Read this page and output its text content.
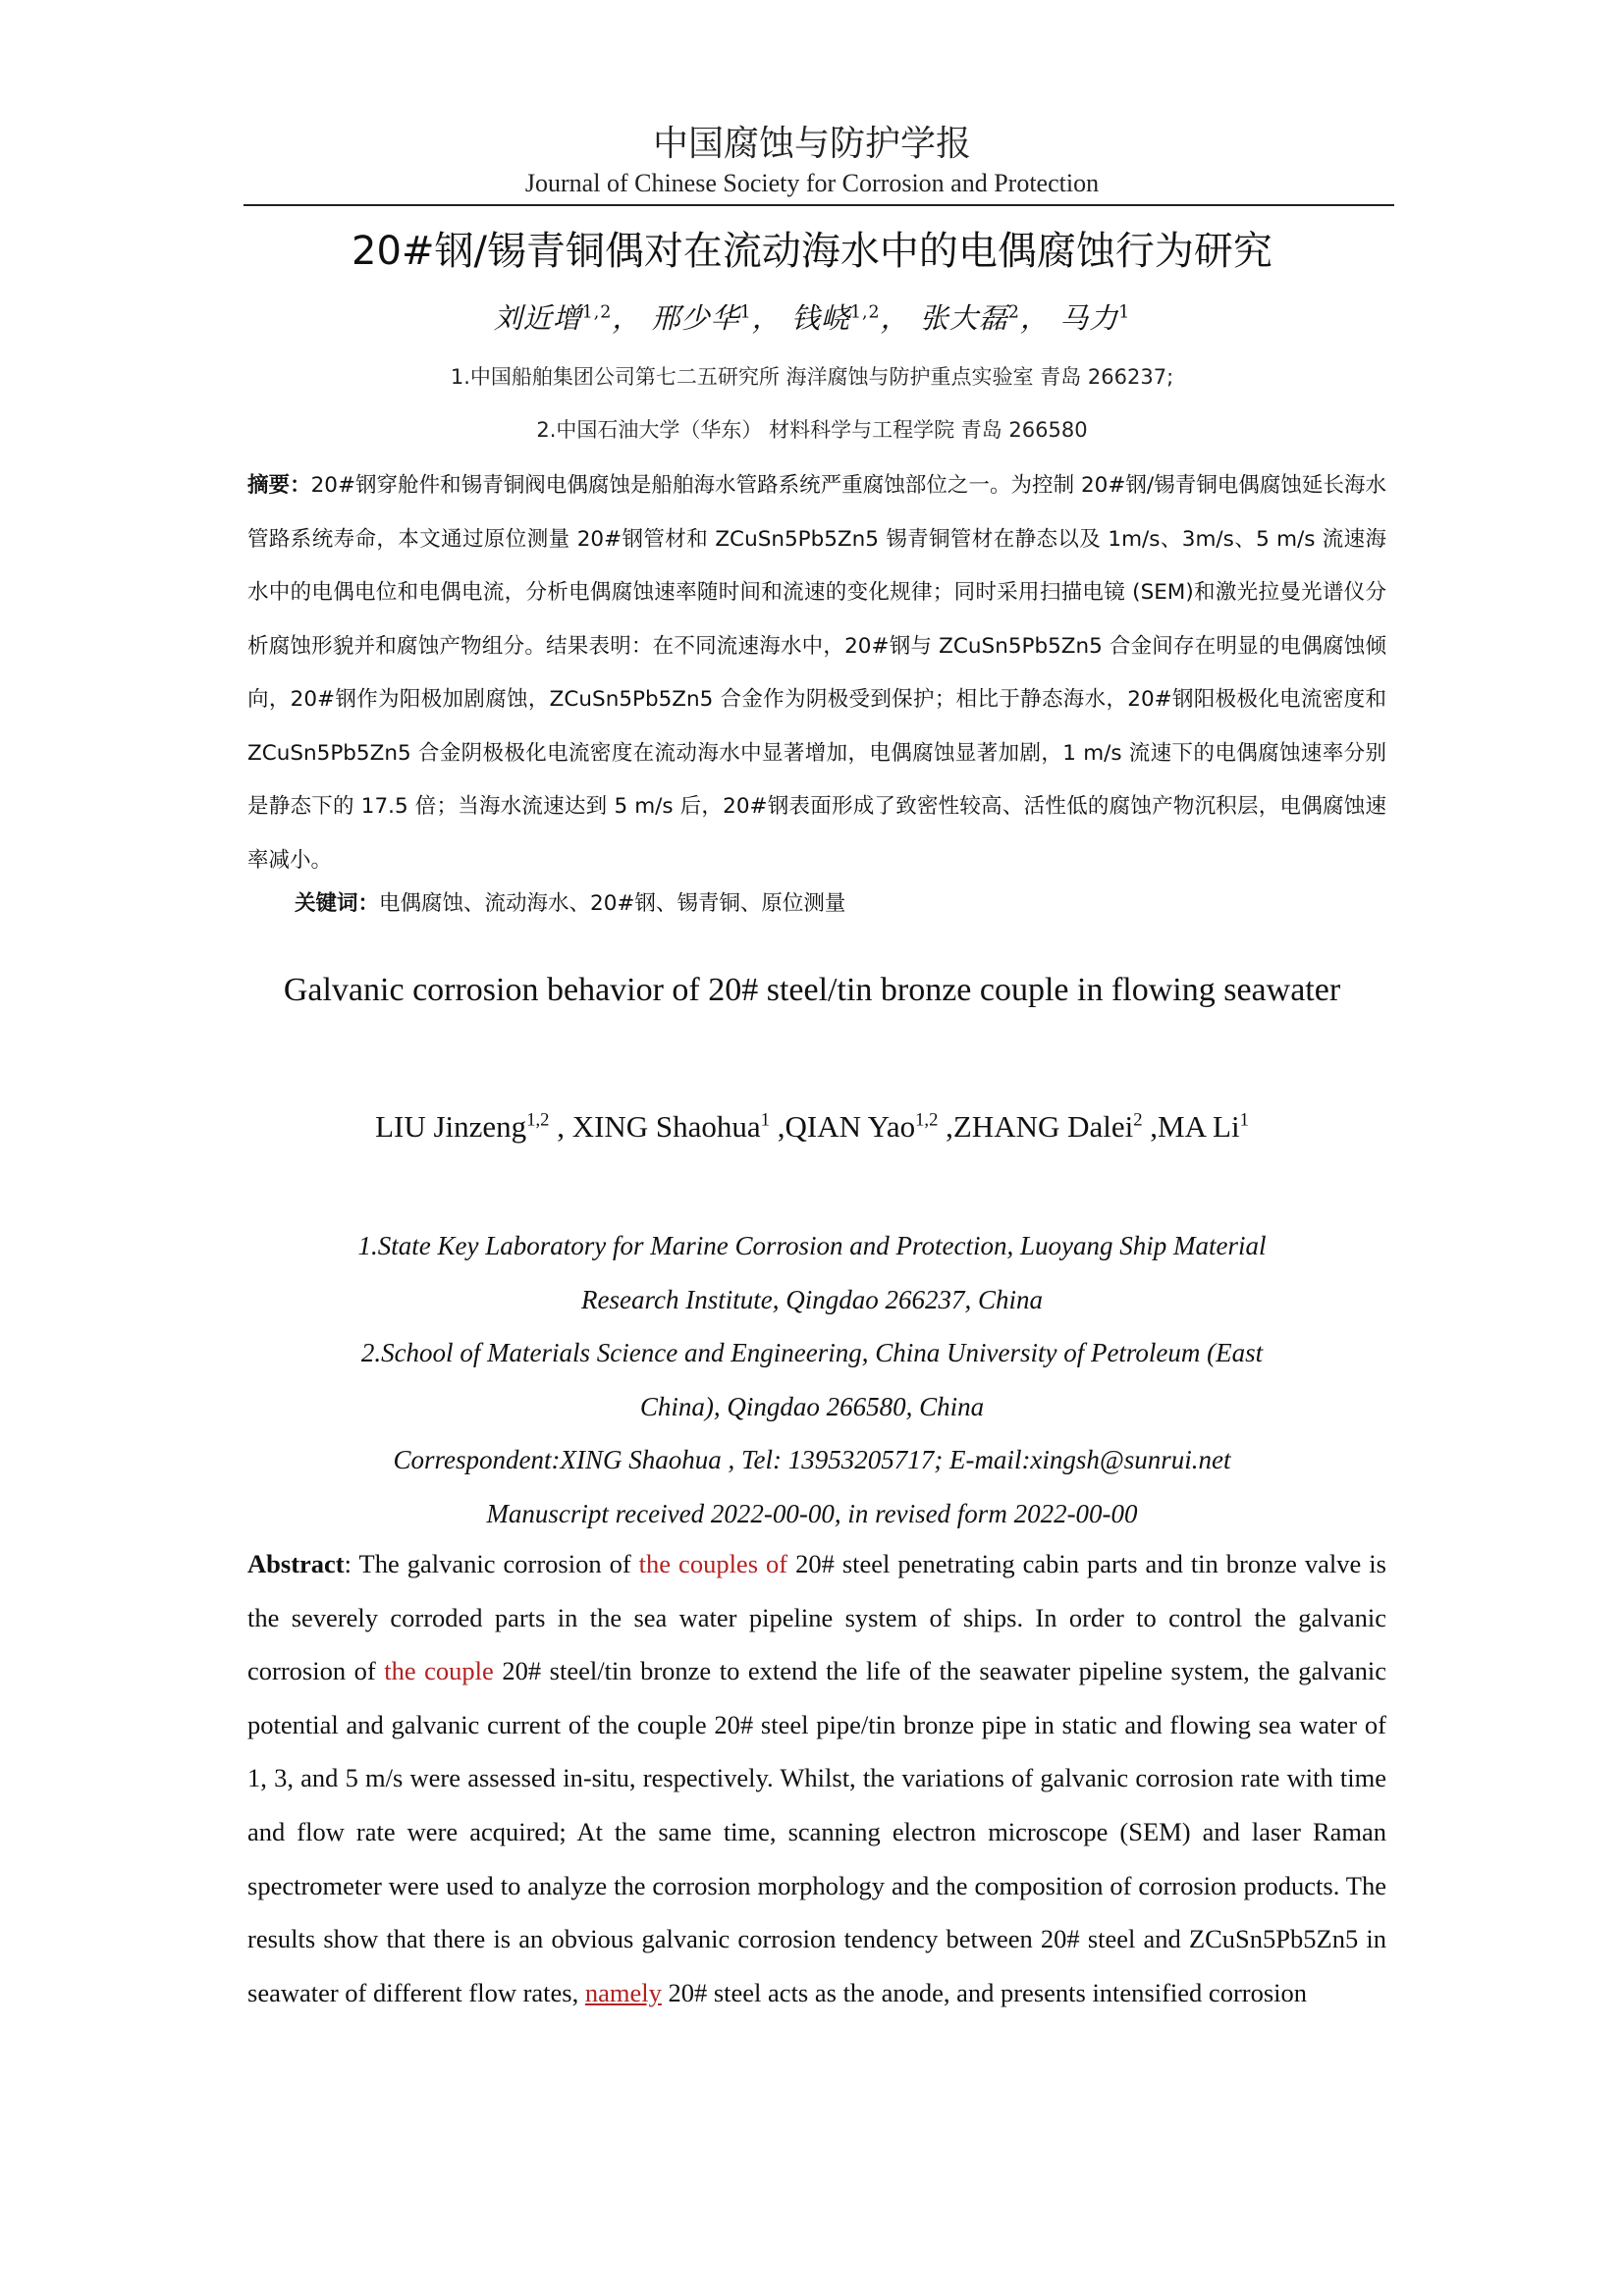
中国腐蚀与防护学报
Journal of Chinese Society for Corrosion and Protection
20#钢/锡青铜偶对在流动海水中的电偶腐蚀行为研究
刘近增$^{1,2}$， 邢少华$^1$， 钱峣$^{1,2}$， 张大磊$^2$， 马力$^1$
1.中国船舶集团公司第七二五研究所 海洋腐蚀与防护重点实验室 青岛 266237;
2.中国石油大学（华东） 材料科学与工程学院 青岛 266580
摘要：20#钢穿舱件和锡青铜阀电偶腐蚀是船舶海水管路系统严重腐蚀部位之一。为控制 20#钢/锡青铜电偶腐蚀延长海水管路系统寿命，本文通过原位测量 20#钢管材和 ZCuSn5Pb5Zn5 锡青铜管材在静态以及 1m/s、3m/s、5 m/s 流速海水中的电偶电位和电偶电流，分析电偶腐蚀速率随时间和流速的变化规律；同时采用扫描电镜 (SEM)和激光拉曼光谱仪分析腐蚀形貌并和腐蚀产物组分。结果表明：在不同流速海水中，20#钢与 ZCuSn5Pb5Zn5 合金间存在明显的电偶腐蚀倾向，20#钢作为阳极加剧腐蚀，ZCuSn5Pb5Zn5 合金作为阴极受到保护；相比于静态海水，20#钢阳极极化电流密度和 ZCuSn5Pb5Zn5 合金阴极极化电流密度在流动海水中显著增加，电偶腐蚀显著加剧，1 m/s 流速下的电偶腐蚀速率分别是静态下的 17.5 倍；当海水流速达到 5 m/s 后，20#钢表面形成了致密性较高、活性低的腐蚀产物沉积层，电偶腐蚀速率减小。
关键词：电偶腐蚀、流动海水、20#钢、锡青铜、原位测量
Galvanic corrosion behavior of 20# steel/tin bronze couple in flowing seawater
LIU Jinzeng$^{1,2}$ , XING Shaohua$^1$ ,QIAN Yao$^{1,2}$ ,ZHANG Dalei$^2$ ,MA Li$^1$
1.State Key Laboratory for Marine Corrosion and Protection, Luoyang Ship Material
Research Institute, Qingdao 266237, China
2.School of Materials Science and Engineering, China University of Petroleum (East
China), Qingdao 266580, China
Correspondent:XING Shaohua , Tel: 13953205717; E-mail:xingsh@sunrui.net
Manuscript received 2022-00-00, in revised form 2022-00-00
Abstract: The galvanic corrosion of the couples of 20# steel penetrating cabin parts and tin bronze valve is the severely corroded parts in the sea water pipeline system of ships. In order to control the galvanic corrosion of the couple 20# steel/tin bronze to extend the life of the seawater pipeline system, the galvanic potential and galvanic current of the couple 20# steel pipe/tin bronze pipe in static and flowing sea water of 1, 3, and 5 m/s were assessed in-situ, respectively. Whilst, the variations of galvanic corrosion rate with time and flow rate were acquired; At the same time, scanning electron microscope (SEM) and laser Raman spectrometer were used to analyze the corrosion morphology and the composition of corrosion products. The results show that there is an obvious galvanic corrosion tendency between 20# steel and ZCuSn5Pb5Zn5 in seawater of different flow rates, namely 20# steel acts as the anode, and presents intensified corrosion
